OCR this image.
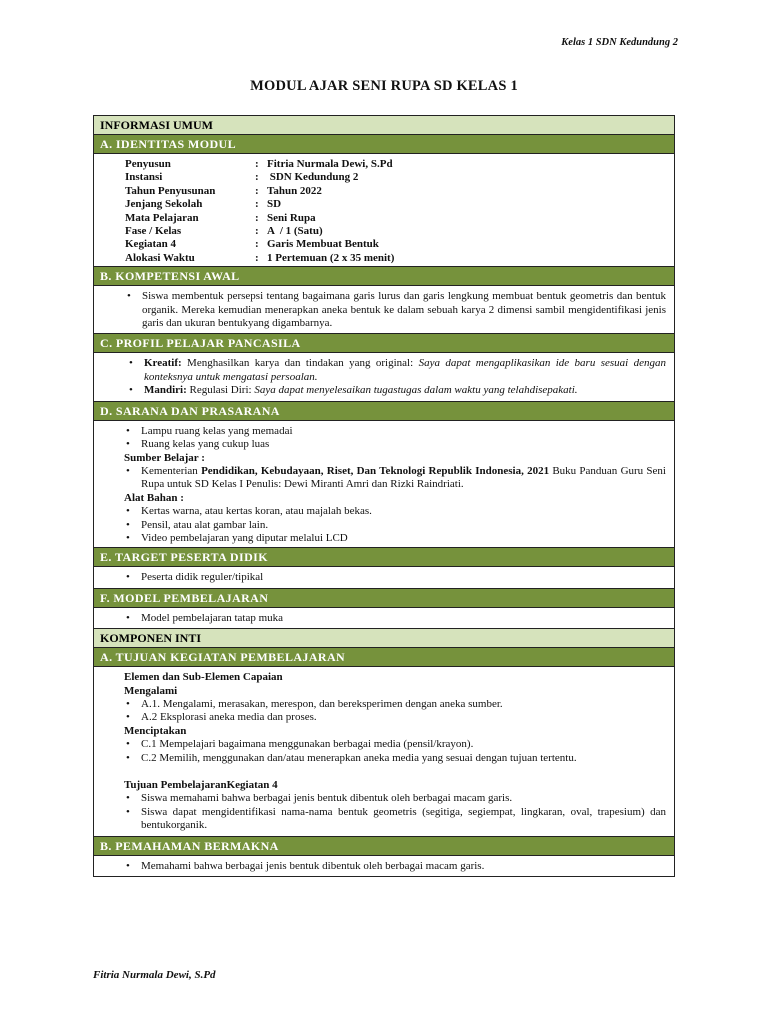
Kelas 1 SDN Kedundung 2
MODUL AJAR SENI RUPA SD KELAS 1
INFORMASI UMUM
A. IDENTITAS MODUL
Penyusun	: Fitria Nurmala Dewi, S.Pd
Instansi	: SDN Kedundung 2
Tahun Penyusunan	: Tahun 2022
Jenjang Sekolah	: SD
Mata Pelajaran	: Seni Rupa
Fase / Kelas	: A  / 1 (Satu)
Kegiatan 4	: Garis Membuat Bentuk
Alokasi Waktu	: 1 Pertemuan (2 x 35 menit)
B. KOMPETENSI AWAL
• Siswa membentuk persepsi tentang bagaimana garis lurus dan garis lengkung membuat bentuk geometris dan bentuk organik. Mereka kemudian menerapkan aneka bentuk ke dalam sebuah karya 2 dimensi sambil mengidentifikasi jenis garis dan ukuran bentukyang digambarnya.
C. PROFIL PELAJAR PANCASILA
• Kreatif: Menghasilkan karya dan tindakan yang original: Saya dapat mengaplikasikan ide baru sesuai dengan konteksnya untuk mengatasi persoalan.
• Mandiri: Regulasi Diri: Saya dapat menyelesaikan tugastugas dalam waktu yang telahdisepakati.
D. SARANA DAN PRASARANA
• Lampu ruang kelas yang memadai
• Ruang kelas yang cukup luas
Sumber Belajar :
• Kementerian Pendidikan, Kebudayaan, Riset, Dan Teknologi Republik Indonesia, 2021 Buku Panduan Guru Seni Rupa untuk SD Kelas I Penulis: Dewi Miranti Amri dan Rizki Raindriati.
Alat Bahan :
• Kertas warna, atau kertas koran, atau majalah bekas.
• Pensil, atau alat gambar lain.
• Video pembelajaran yang diputar melalui LCD
E. TARGET PESERTA DIDIK
• Peserta didik reguler/tipikal
F. MODEL PEMBELAJARAN
• Model pembelajaran tatap muka
KOMPONEN INTI
A. TUJUAN KEGIATAN PEMBELAJARAN
Elemen dan Sub-Elemen Capaian
Mengalami
• A.1. Mengalami, merasakan, merespon, dan bereksperimen dengan aneka sumber.
• A.2 Eksplorasi aneka media dan proses.
Menciptakan
• C.1 Mempelajari bagaimana menggunakan berbagai media (pensil/krayon).
• C.2 Memilih, menggunakan dan/atau menerapkan aneka media yang sesuai dengan tujuan tertentu.
Tujuan PembelajaranKegiatan 4
• Siswa memahami bahwa berbagai jenis bentuk dibentuk oleh berbagai macam garis.
• Siswa dapat mengidentifikasi nama-nama bentuk geometris (segitiga, segiempat, lingkaran, oval, trapesium) dan bentukorganik.
B. PEMAHAMAN BERMAKNA
• Memahami bahwa berbagai jenis bentuk dibentuk oleh berbagai macam garis.
Fitria Nurmala Dewi, S.Pd
